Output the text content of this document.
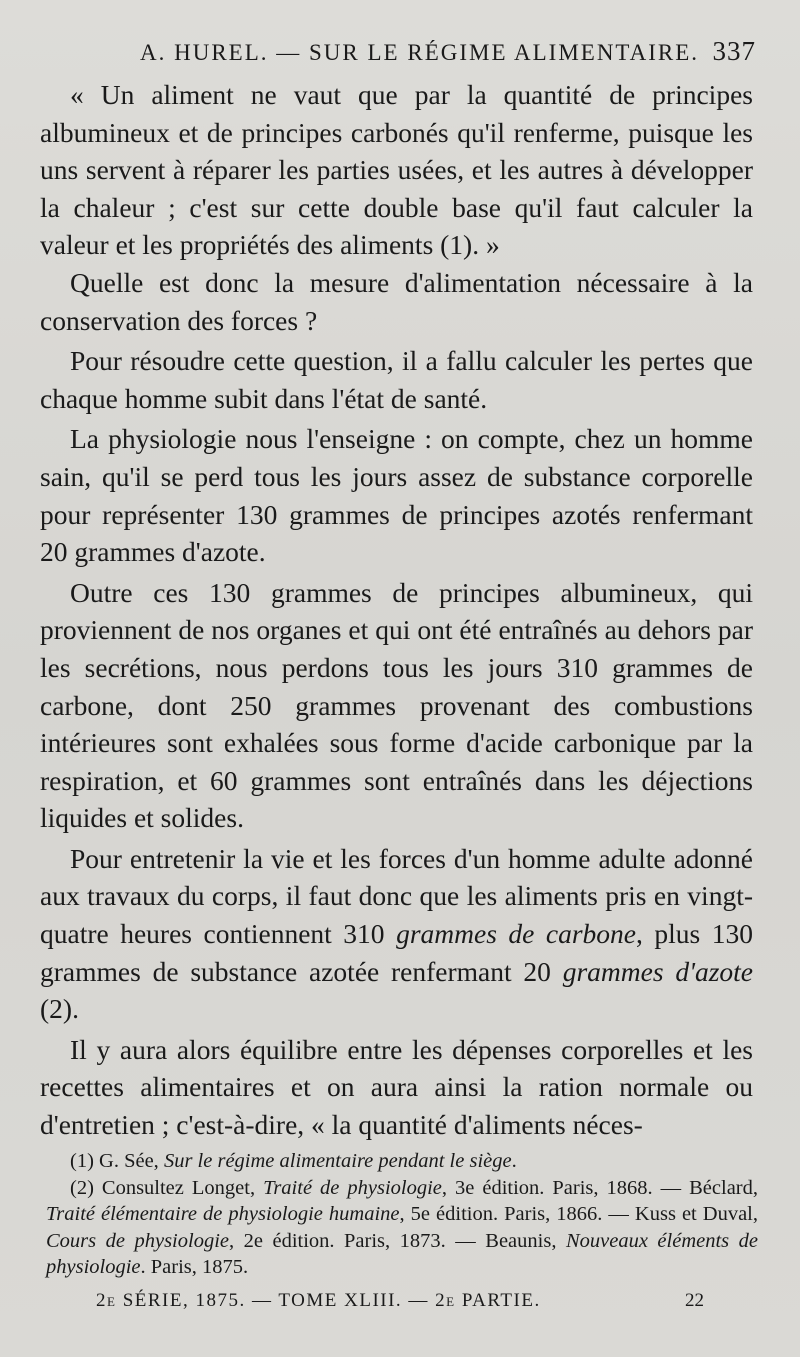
A. HUREL. — SUR LE RÉGIME ALIMENTAIRE. 337

« Un aliment ne vaut que par la quantité de principes albumineux et de principes carbonés qu'il renferme, puisque les uns servent à réparer les parties usées, et les autres à développer la chaleur ; c'est sur cette double base qu'il faut calculer la valeur et les propriétés des aliments (1). »

Quelle est donc la mesure d'alimentation nécessaire à la conservation des forces ?

Pour résoudre cette question, il a fallu calculer les pertes que chaque homme subit dans l'état de santé.

La physiologie nous l'enseigne : on compte, chez un homme sain, qu'il se perd tous les jours assez de substance corporelle pour représenter 130 grammes de principes azotés renfermant 20 grammes d'azote.

Outre ces 130 grammes de principes albumineux, qui proviennent de nos organes et qui ont été entraînés au dehors par les secrétions, nous perdons tous les jours 310 grammes de carbone, dont 250 grammes provenant des combustions intérieures sont exhalées sous forme d'acide carbonique par la respiration, et 60 grammes sont entraînés dans les déjections liquides et solides.

Pour entretenir la vie et les forces d'un homme adulte adonné aux travaux du corps, il faut donc que les aliments pris en vingt-quatre heures contiennent 310 grammes de carbone, plus 130 grammes de substance azotée renfermant 20 grammes d'azote (2).

Il y aura alors équilibre entre les dépenses corporelles et les recettes alimentaires et on aura ainsi la ration normale ou d'entretien ; c'est-à-dire, « la quantité d'aliments néces-

(1) G. Sée, Sur le régime alimentaire pendant le siège.

(2) Consultez Longet, Traité de physiologie, 3e édition. Paris, 1868. — Béclard, Traité élémentaire de physiologie humaine, 5e édition. Paris, 1866. — Kuss et Duval, Cours de physiologie, 2e édition. Paris, 1873. — Beaunis, Nouveaux éléments de physiologie. Paris, 1875.

2e SÉRIE, 1875. — TOME XLIII. — 2e PARTIE.	22
